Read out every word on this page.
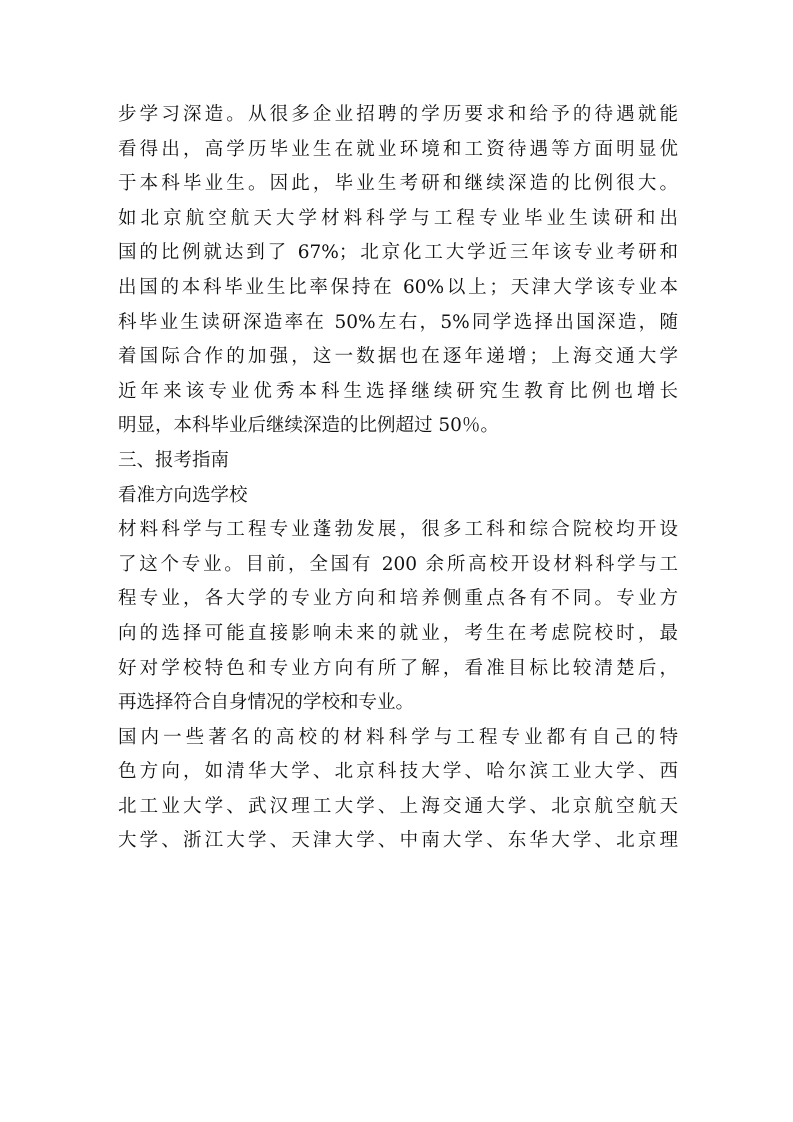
步学习深造。从很多企业招聘的学历要求和给予的待遇就能
看得出，高学历毕业生在就业环境和工资待遇等方面明显优
于本科毕业生。因此，毕业生考研和继续深造的比例很大。
如北京航空航天大学材料科学与工程专业毕业生读研和出
国的比例就达到了 67%；北京化工大学近三年该专业考研和
出国的本科毕业生比率保持在 60%以上；天津大学该专业本
科毕业生读研深造率在 50%左右，5%同学选择出国深造，随
着国际合作的加强，这一数据也在逐年递增；上海交通大学
近年来该专业优秀本科生选择继续研究生教育比例也增长
明显，本科毕业后继续深造的比例超过 50％。
三、报考指南
看准方向选学校
材料科学与工程专业蓬勃发展，很多工科和综合院校均开设
了这个专业。目前，全国有 200 余所高校开设材料科学与工
程专业，各大学的专业方向和培养侧重点各有不同。专业方
向的选择可能直接影响未来的就业，考生在考虑院校时，最
好对学校特色和专业方向有所了解，看准目标比较清楚后，
再选择符合自身情况的学校和专业。
国内一些著名的高校的材料科学与工程专业都有自己的特
色方向，如清华大学、北京科技大学、哈尔滨工业大学、西
北工业大学、武汉理工大学、上海交通大学、北京航空航天
大学、浙江大学、天津大学、中南大学、东华大学、北京理
